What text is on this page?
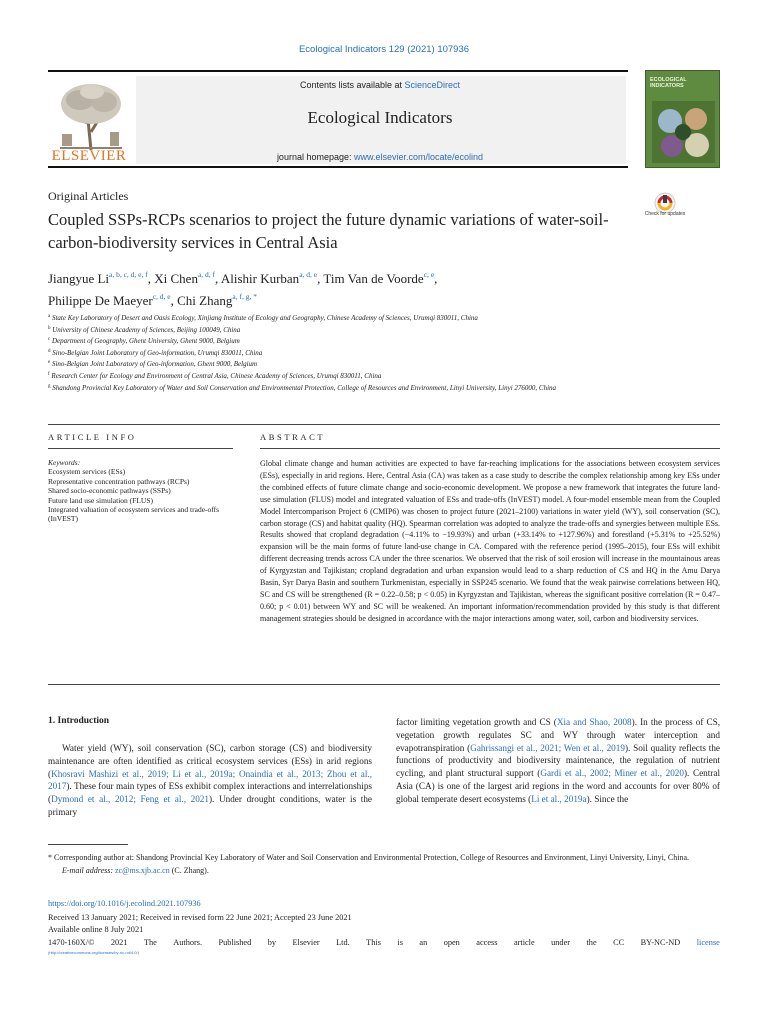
Ecological Indicators 129 (2021) 107936
Contents lists available at ScienceDirect
Ecological Indicators
journal homepage: www.elsevier.com/locate/ecolind
ELSEVIER
ECOLOGICAL INDICATORS
Original Articles
Coupled SSPs-RCPs scenarios to project the future dynamic variations of water-soil-carbon-biodiversity services in Central Asia
Check for updates
Jiangyue Li$^{a, b, c, d, e, f}$, Xi Chen$^{a, d, f}$, Alishir Kurban$^{a, d, e}$, Tim Van de Voorde$^{c, e}$,
Philippe De Maeyer$^{c, d, e}$, Chi Zhang$^{a, f, g, *}$
$^a$ State Key Laboratory of Desert and Oasis Ecology, Xinjiang Institute of Ecology and Geography, Chinese Academy of Sciences, Urumqi 830011, China
$^b$ University of Chinese Academy of Sciences, Beijing 100049, China
$^c$ Department of Geography, Ghent University, Ghent 9000, Belgium
$^d$ Sino-Belgian Joint Laboratory of Geo-information, Urumqi 830011, China
$^e$ Sino-Belgian Joint Laboratory of Geo-information, Ghent 9000, Belgium
$^f$ Research Center for Ecology and Environment of Central Asia, Chinese Academy of Sciences, Urumqi 830011, China
$^g$ Shandong Provincial Key Laboratory of Water and Soil Conservation and Environmental Protection, College of Resources and Environment, Linyi University, Linyi 276000, China
ARTICLE INFO	ABSTRACT
Keywords:
Ecosystem services (ESs)
Representative concentration pathways (RCPs)
Shared socio-economic pathways (SSPs)
Future land use simulation (FLUS)
Integrated valuation of ecosystem services and trade-offs (InVEST)
Global climate change and human activities are expected to have far-reaching implications for the associations between ecosystem services (ESs), especially in arid regions. Here, Central Asia (CA) was taken as a case study to describe the complex relationship among key ESs under the combined effects of future climate change and socio-economic development. We propose a new framework that integrates the future land-use simulation (FLUS) model and integrated valuation of ESs and trade-offs (InVEST) model. A four-model ensemble mean from the Coupled Model Intercomparison Project 6 (CMIP6) was chosen to project future (2021–2100) variations in water yield (WY), soil conservation (SC), carbon storage (CS) and habitat quality (HQ). Spearman correlation was adopted to analyze the trade-offs and synergies between multiple ESs. Results showed that cropland degradation (−4.11% to −19.93%) and urban (+33.14% to +127.96%) and forestland (+5.31% to +25.52%) expansion will be the main forms of future land-use change in CA. Compared with the reference period (1995–2015), four ESs will exhibit different decreasing trends across CA under the three scenarios. We observed that the risk of soil erosion will increase in the mountainous areas of Kyrgyzstan and Tajikistan; cropland degradation and urban expansion would lead to a sharp reduction of CS and HQ in the Amu Darya Basin, Syr Darya Basin and southern Turkmenistan, especially in SSP245 scenario. We found that the weak pairwise correlations between HQ, SC and CS will be strengthened (R = 0.22–0.58; p < 0.05) in Kyrgyzstan and Tajikistan, whereas the significant positive correlation (R = 0.47–0.60; p < 0.01) between WY and SC will be weakened. An important information/recommendation provided by this study is that different management strategies should be designed in accordance with the major interactions among water, soil, carbon and biodiversity services.
1. Introduction
Water yield (WY), soil conservation (SC), carbon storage (CS) and biodiversity maintenance are often identified as critical ecosystem services (ESs) in arid regions (Khosravi Mashizi et al., 2019; Li et al., 2019a; Onaindia et al., 2013; Zhou et al., 2017). These four main types of ESs exhibit complex interactions and interrelationships (Dymond et al., 2012; Feng et al., 2021). Under drought conditions, water is the primary
factor limiting vegetation growth and CS (Xia and Shao, 2008). In the process of CS, vegetation growth regulates SC and WY through water interception and evapotranspiration (Gahrissangi et al., 2021; Wen et al., 2019). Soil quality reflects the functions of productivity and biodiversity maintenance, the regulation of nutrient cycling, and plant structural support (Gardi et al., 2002; Miner et al., 2020). Central Asia (CA) is one of the largest arid regions in the word and accounts for over 80% of global temperate desert ecosystems (Li et al., 2019a). Since the
* Corresponding author at: Shandong Provincial Key Laboratory of Water and Soil Conservation and Environmental Protection, College of Resources and Environment, Linyi University, Linyi, China.
E-mail address: zc@ms.xjb.ac.cn (C. Zhang).
https://doi.org/10.1016/j.ecolind.2021.107936
Received 13 January 2021; Received in revised form 22 June 2021; Accepted 23 June 2021
Available online 8 July 2021
1470-160X/© 2021 The Authors. Published by Elsevier Ltd. This is an open access article under the CC BY-NC-ND license
(http://creativecommons.org/licenses/by-nc-nd/4.0/)
